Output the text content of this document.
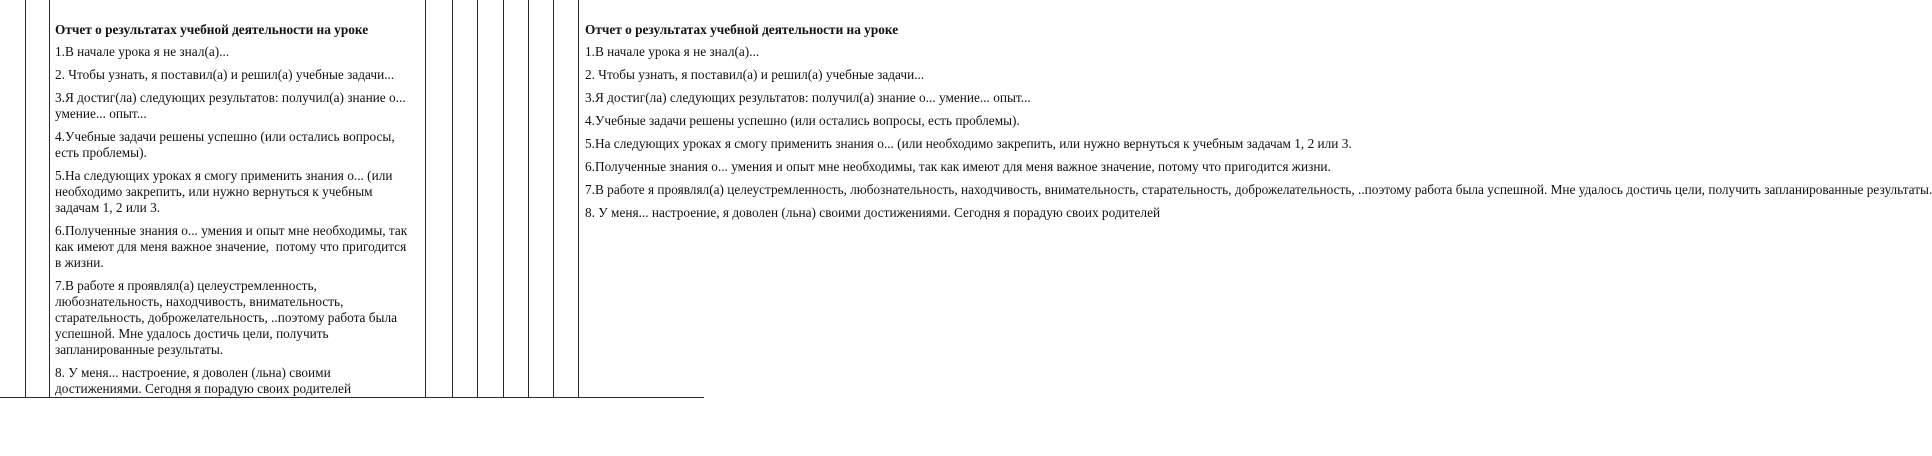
Отчет о результатах учебной деятельности на уроке
1.В начале урока я не знал(а)...
2. Чтобы узнать, я поставил(а) и решил(а) учебные задачи...
3.Я достиг(ла) следующих результатов: получил(а) знание о...
умение... опыт...
4.Учебные задачи решены успешно (или остались вопросы,
есть проблемы).
5.На следующих уроках я смогу применить знания о... (или
необходимо закрепить, или нужно вернуться к учебным
задачам 1, 2 или 3.
6.Полученные знания о... умения и опыт мне необходимы, так
как имеют для меня важное значение,  потому что пригодится
в жизни.
7.В работе я проявлял(а) целеустремленность,
любознательность, находчивость, внимательность,
старательность, доброжелательность, ..поэтому работа была
успешной. Мне удалось достичь цели, получить
запланированные результаты.
8. У меня... настроение, я доволен (льна) своими
достижениями. Сегодня я порадую своих родителей
Отчет о результатах учебной деятельности на уроке
1.В начале урока я не знал(а)...
2. Чтобы узнать, я поставил(а) и решил(а) учебные задачи...
3.Я достиг(ла) следующих результатов: получил(а) знание о... умение... опыт...
4.Учебные задачи решены успешно (или остались вопросы, есть проблемы).
5.На следующих уроках я смогу применить знания о... (или необходимо закрепить, или нужно вернуться к учебным задачам 1, 2 или 3.
6.Полученные знания о... умения и опыт мне необходимы, так как имеют для меня важное значение, потому что пригодится жизни.
7.В работе я проявлял(а) целеустремленность, любознательность, находчивость, внимательность, старательность, доброжелательность, ..поэтому работа была успешной. Мне удалось достичь цели, получить запланированные результаты.
8. У меня... настроение, я доволен (льна) своими достижениями. Сегодня я порадую своих родителей
